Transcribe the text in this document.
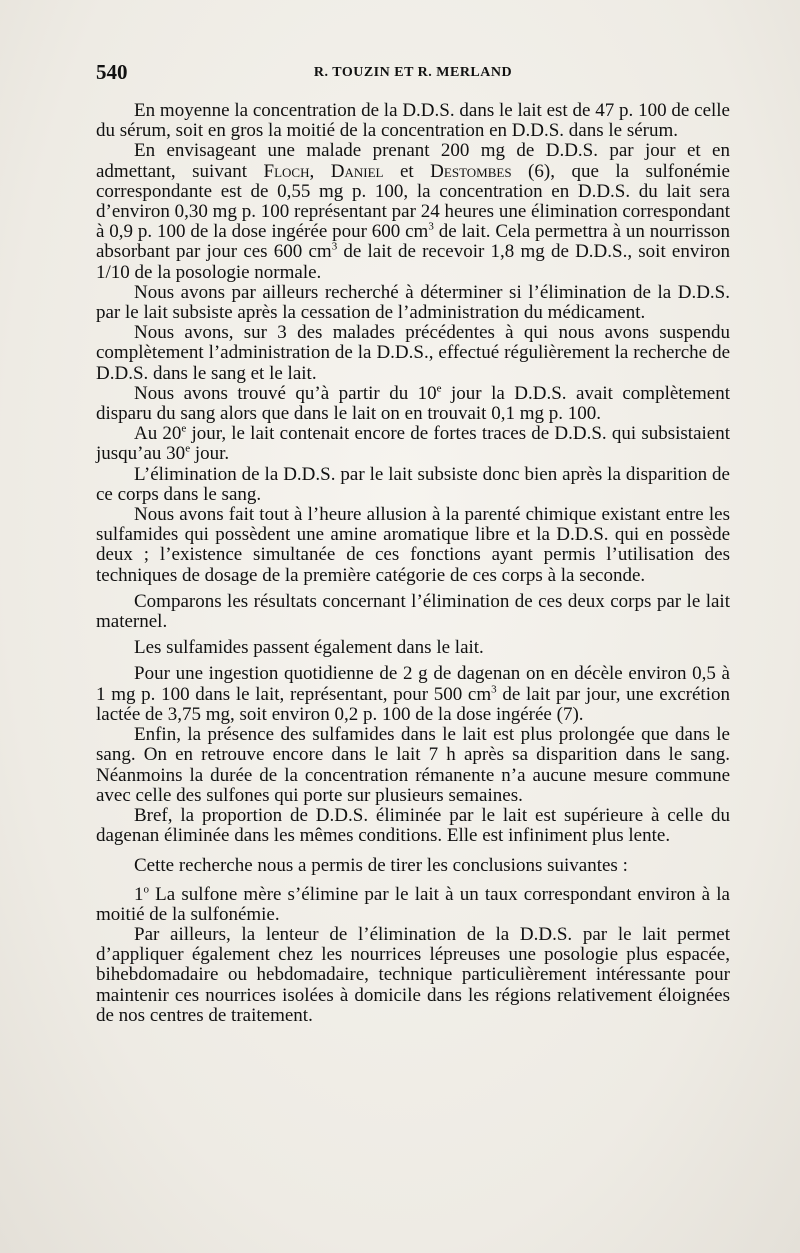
540	R. TOUZIN ET R. MERLAND

En moyenne la concentration de la D.D.S. dans le lait est de 47 p. 100 de celle du sérum, soit en gros la moitié de la concentration en D.D.S. dans le sérum.

En envisageant une malade prenant 200 mg de D.D.S. par jour et en admettant, suivant Floch, Daniel et Destombes (6), que la sulfonémie correspondante est de 0,55 mg p. 100, la concentration en D.D.S. du lait sera d’environ 0,30 mg p. 100 représentant par 24 heures une élimination correspondant à 0,9 p. 100 de la dose ingérée pour 600 $cm^3$ de lait. Cela permettra à un nourrisson absorbant par jour ces 600 $cm^3$ de lait de recevoir 1,8 mg de D.D.S., soit environ 1/10 de la posologie normale.

Nous avons par ailleurs recherché à déterminer si l’élimination de la D.D.S. par le lait subsiste après la cessation de l’administration du médicament.

Nous avons, sur 3 des malades précédentes à qui nous avons suspendu complètement l’administration de la D.D.S., effectué régulièrement la recherche de D.D.S. dans le sang et le lait.

Nous avons trouvé qu’à partir du 10e jour la D.D.S. avait complètement disparu du sang alors que dans le lait on en trouvait 0,1 mg p. 100.

Au 20e jour, le lait contenait encore de fortes traces de D.D.S. qui subsistaient jusqu’au 30e jour.

L’élimination de la D.D.S. par le lait subsiste donc bien après la disparition de ce corps dans le sang.

Nous avons fait tout à l’heure allusion à la parenté chimique existant entre les sulfamides qui possèdent une amine aromatique libre et la D.D.S. qui en possède deux ; l’existence simultanée de ces fonctions ayant permis l’utilisation des techniques de dosage de la première catégorie de ces corps à la seconde.

Comparons les résultats concernant l’élimination de ces deux corps par le lait maternel.

Les sulfamides passent également dans le lait.

Pour une ingestion quotidienne de 2 g de dagenan on en décèle environ 0,5 à 1 mg p. 100 dans le lait, représentant, pour 500 $cm^3$ de lait par jour, une excrétion lactée de 3,75 mg, soit environ 0,2 p. 100 de la dose ingérée (7).

Enfin, la présence des sulfamides dans le lait est plus prolongée que dans le sang. On en retrouve encore dans le lait 7 h après sa disparition dans le sang. Néanmoins la durée de la concentration rémanente n’a aucune mesure commune avec celle des sulfones qui porte sur plusieurs semaines.

Bref, la proportion de D.D.S. éliminée par le lait est supérieure à celle du dagenan éliminée dans les mêmes conditions. Elle est infiniment plus lente.

Cette recherche nous a permis de tirer les conclusions suivantes :

1$^o$ La sulfone mère s’élimine par le lait à un taux correspondant environ à la moitié de la sulfonémie.

Par ailleurs, la lenteur de l’élimination de la D.D.S. par le lait permet d’appliquer également chez les nourrices lépreuses une posologie plus espacée, bihebdomadaire ou hebdomadaire, technique particulièrement intéressante pour maintenir ces nourrices isolées à domicile dans les régions relativement éloignées de nos centres de traitement.
